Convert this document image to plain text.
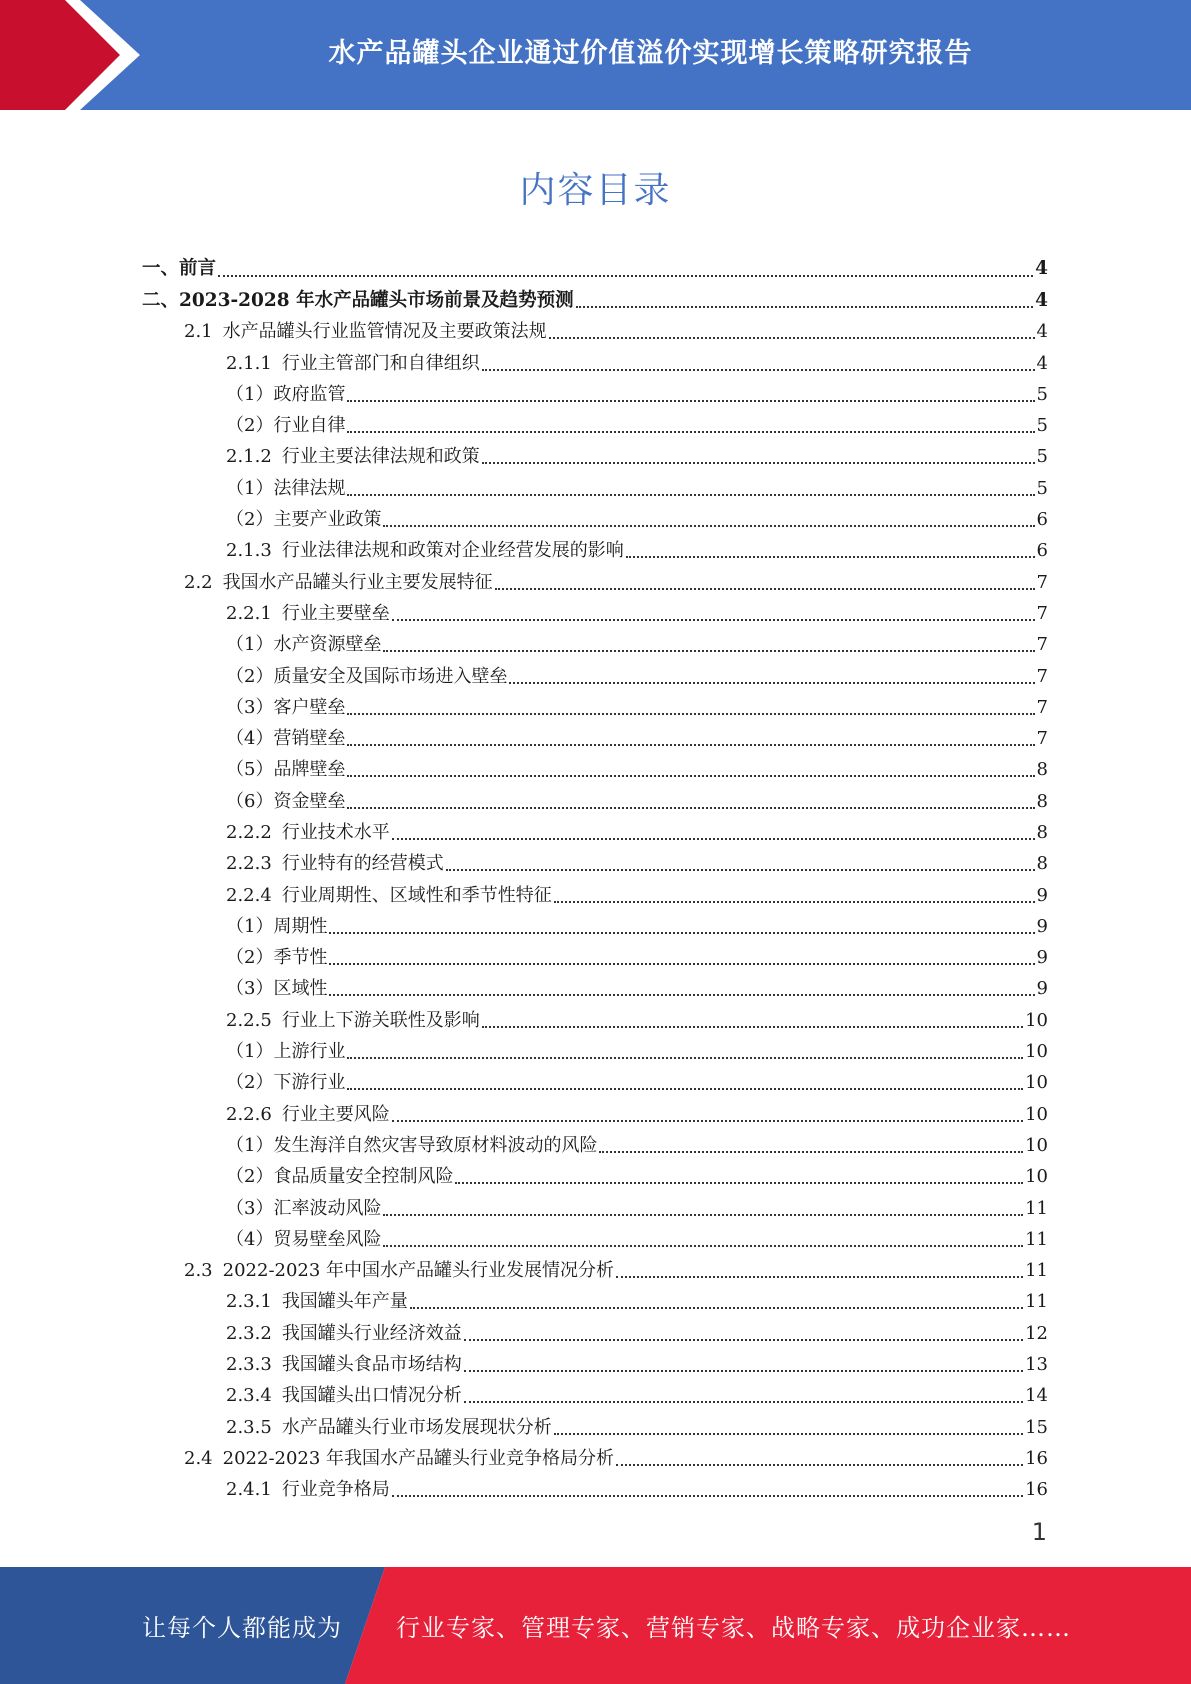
水产品罐头企业通过价值溢价实现增长策略研究报告
内容目录
一、 前言	4
二、 2023-2028 年水产品罐头市场前景及趋势预测	4
2.1 水产品罐头行业监管情况及主要政策法规	4
2.1.1 行业主管部门和自律组织	4
（1） 政府监管	5
（2） 行业自律	5
2.1.2 行业主要法律法规和政策	5
（1） 法律法规	5
（2） 主要产业政策	6
2.1.3 行业法律法规和政策对企业经营发展的影响	6
2.2 我国水产品罐头行业主要发展特征	7
2.2.1 行业主要壁垒	7
（1） 水产资源壁垒	7
（2） 质量安全及国际市场进入壁垒	7
（3） 客户壁垒	7
（4） 营销壁垒	7
（5） 品牌壁垒	8
（6） 资金壁垒	8
2.2.2 行业技术水平	8
2.2.3 行业特有的经营模式	8
2.2.4 行业周期性、区域性和季节性特征	9
（1） 周期性	9
（2） 季节性	9
（3） 区域性	9
2.2.5 行业上下游关联性及影响	10
（1） 上游行业	10
（2） 下游行业	10
2.2.6 行业主要风险	10
（1） 发生海洋自然灾害导致原材料波动的风险	10
（2） 食品质量安全控制风险	10
（3） 汇率波动风险	11
（4） 贸易壁垒风险	11
2.3 2022-2023 年中国水产品罐头行业发展情况分析	11
2.3.1 我国罐头年产量	11
2.3.2 我国罐头行业经济效益	12
2.3.3 我国罐头食品市场结构	13
2.3.4 我国罐头出口情况分析	14
2.3.5 水产品罐头行业市场发展现状分析	15
2.4 2022-2023 年我国水产品罐头行业竞争格局分析	16
2.4.1 行业竞争格局	16
1
让每个人都能成为 行业专家、管理专家、营销专家、战略专家、成功企业家……
